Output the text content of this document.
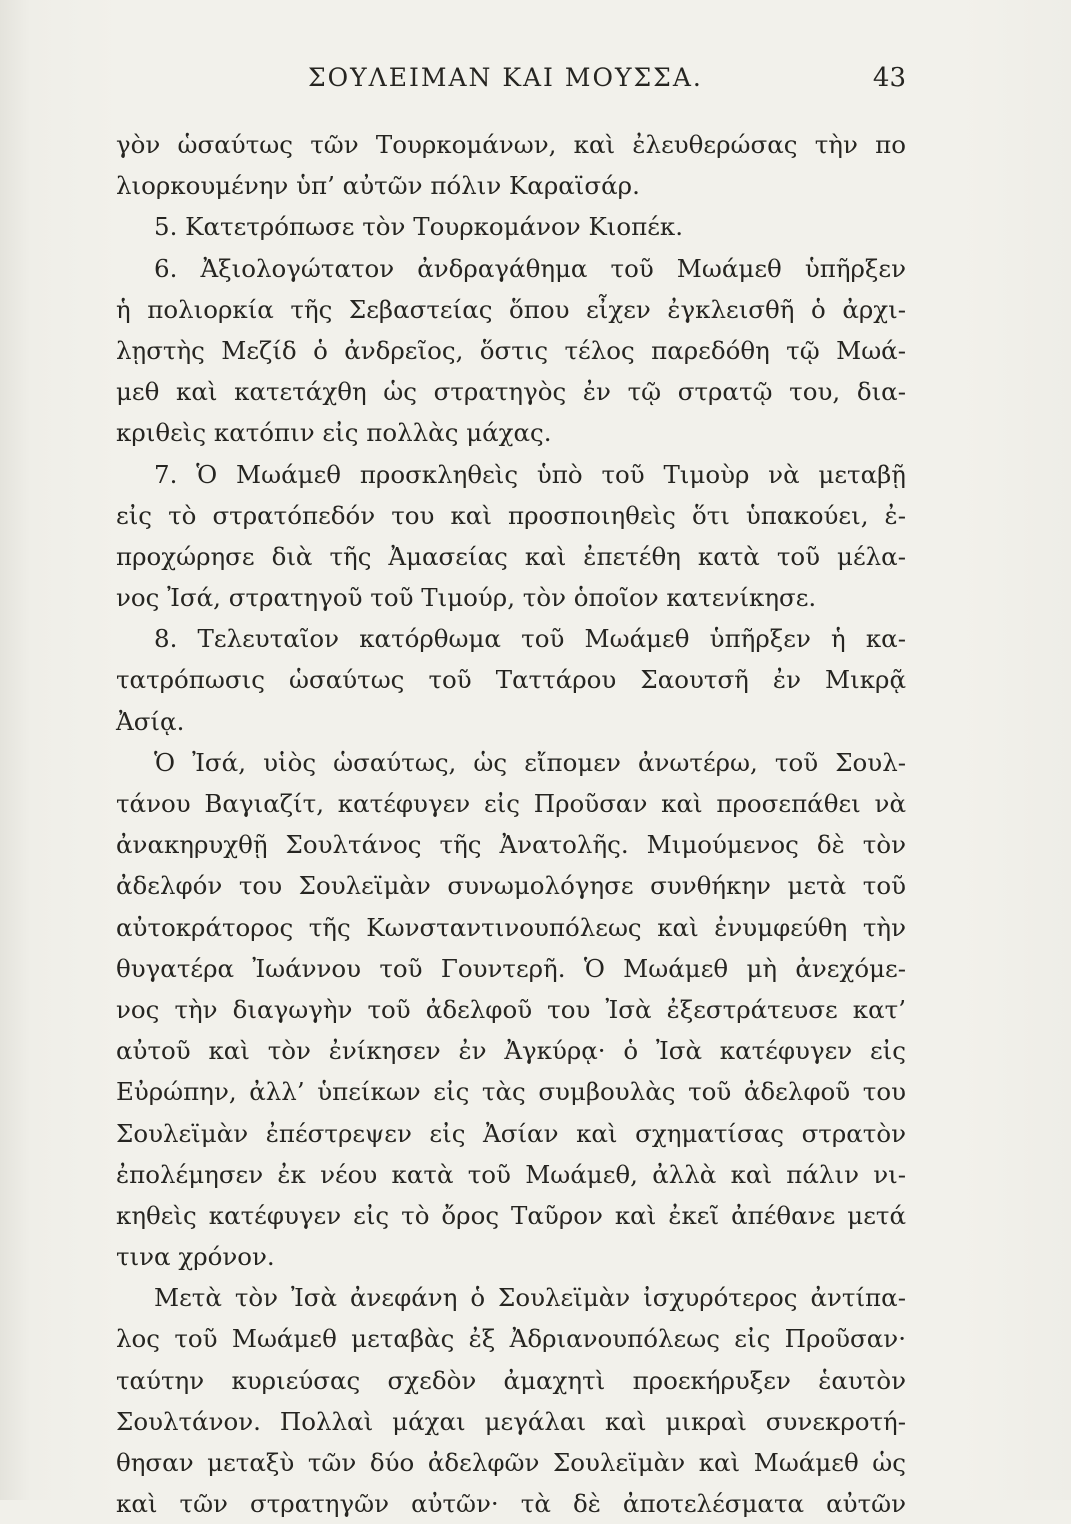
ΣΟΥΛΕΙΜΑΝ ΚΑΙ ΜΟΥΣΣΑ.	43
γὸν ὡσαύτως τῶν Τουρκομάνων, καὶ ἐλευθερώσας τὴν πο
λιορκουμένην ὑπ’ αὐτῶν πόλιν Καραϊσάρ.
5. Κατετρόπωσε τὸν Τουρκομάνον Κιοπέκ.
6. Ἀξιολογώτατον ἀνδραγάθημα τοῦ Μωάμεθ ὑπῆρξεν
ἡ πολιορκία τῆς Σεβαστείας ὅπου εἶχεν ἐγκλεισθῆ ὁ ἀρχι-
λῃστὴς Μεζίδ ὁ ἀνδρεῖος, ὅστις τέλος παρεδόθη τῷ Μωά-
μεθ καὶ κατετάχθη ὡς στρατηγὸς ἐν τῷ στρατῷ του, δια-
κριθεὶς κατόπιν εἰς πολλὰς μάχας.
7. Ὁ Μωάμεθ προσκληθεὶς ὑπὸ τοῦ Τιμοὺρ νὰ μεταβῇ
εἰς τὸ στρατόπεδόν του καὶ προσποιηθεὶς ὅτι ὑπακούει, ἐ-
προχώρησε διὰ τῆς Ἀμασείας καὶ ἐπετέθη κατὰ τοῦ μέλα-
νος Ἰσά, στρατηγοῦ τοῦ Τιμούρ, τὸν ὁποῖον κατενίκησε.
8. Τελευταῖον κατόρθωμα τοῦ Μωάμεθ ὑπῆρξεν ἡ κα-
τατρόπωσις ὡσαύτως τοῦ Ταττάρου Σαουτσῆ ἐν Μικρᾷ
Ἀσίᾳ.
Ὁ Ἰσά, υἱὸς ὡσαύτως, ὡς εἴπομεν ἀνωτέρω, τοῦ Σουλ-
τάνου Βαγιαζίτ, κατέφυγεν εἰς Προῦσαν καὶ προσεπάθει νὰ
ἀνακηρυχθῇ Σουλτάνος τῆς Ἀνατολῆς. Μιμούμενος δὲ τὸν
ἀδελφόν του Σουλεϊμὰν συνωμολόγησε συνθήκην μετὰ τοῦ
αὐτοκράτορος τῆς Κωνσταντινουπόλεως καὶ ἐνυμφεύθη τὴν
θυγατέρα Ἰωάννου τοῦ Γουντερῆ. Ὁ Μωάμεθ μὴ ἀνεχόμε-
νος τὴν διαγωγὴν τοῦ ἀδελφοῦ του Ἰσὰ ἐξεστράτευσε κατ’
αὐτοῦ καὶ τὸν ἐνίκησεν ἐν Ἀγκύρᾳ· ὁ Ἰσὰ κατέφυγεν εἰς
Εὐρώπην, ἀλλ’ ὑπείκων εἰς τὰς συμβουλὰς τοῦ ἀδελφοῦ του
Σουλεϊμὰν ἐπέστρεψεν εἰς Ἀσίαν καὶ σχηματίσας στρατὸν
ἐπολέμησεν ἐκ νέου κατὰ τοῦ Μωάμεθ, ἀλλὰ καὶ πάλιν νι-
κηθεὶς κατέφυγεν εἰς τὸ ὄρος Ταῦρον καὶ ἐκεῖ ἀπέθανε μετά
τινα χρόνον.
Μετὰ τὸν Ἰσὰ ἀνεφάνη ὁ Σουλεϊμὰν ἰσχυρότερος ἀντίπα-
λος τοῦ Μωάμεθ μεταβὰς ἐξ Ἀδριανουπόλεως εἰς Προῦσαν·
ταύτην κυριεύσας σχεδὸν ἀμαχητὶ προεκήρυξεν ἑαυτὸν
Σουλτάνον. Πολλαὶ μάχαι μεγάλαι καὶ μικραὶ συνεκροτή-
θησαν μεταξὺ τῶν δύο ἀδελφῶν Σουλεϊμὰν καὶ Μωάμεθ ὡς
καὶ τῶν στρατηγῶν αὐτῶν· τὰ δὲ ἀποτελέσματα αὐτῶν
